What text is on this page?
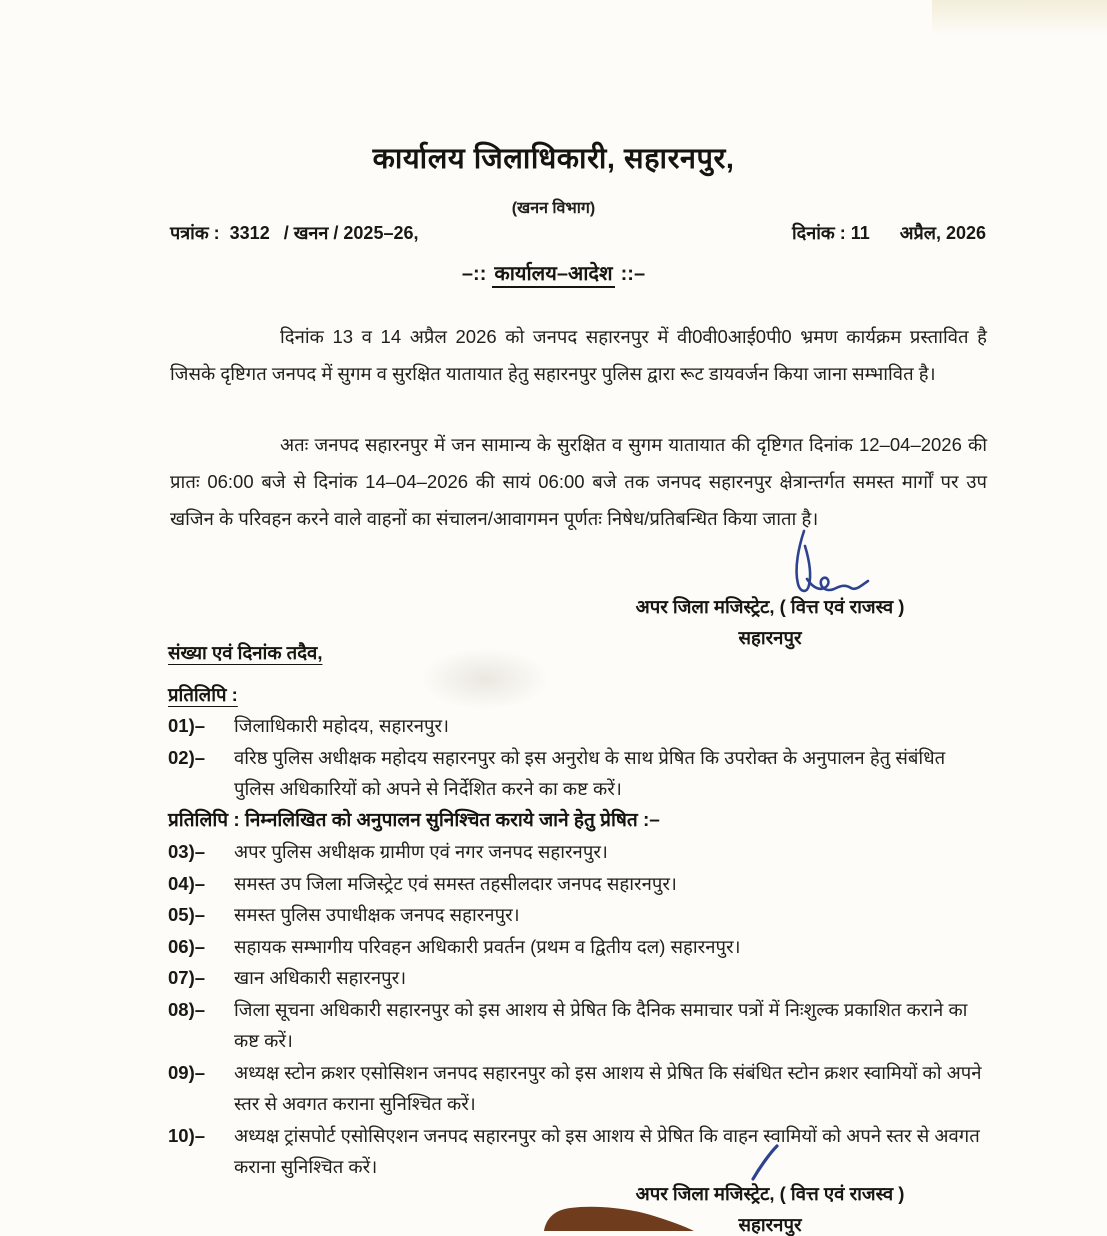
कार्यालय जिलाधिकारी, सहारनपुर,
(खनन विभाग)
पत्रांक : 3312 / खनन / 2025–26,	दिनांक : 11 अप्रैल, 2026
–:: कार्यालय–आदेश ::–

दिनांक 13 व 14 अप्रैल 2026 को जनपद सहारनपुर में वी0वी0आई0पी0 भ्रमण कार्यक्रम प्रस्तावित है जिसके दृष्टिगत जनपद में सुगम व सुरक्षित यातायात हेतु सहारनपुर पुलिस द्वारा रूट डायवर्जन किया जाना सम्भावित है।

अतः जनपद सहारनपुर में जन सामान्य के सुरक्षित व सुगम यातायात की दृष्टिगत दिनांक 12–04–2026 की प्रातः 06:00 बजे से दिनांक 14–04–2026 की सायं 06:00 बजे तक जनपद सहारनपुर क्षेत्रान्तर्गत समस्त मार्गों पर उप खजिन के परिवहन करने वाले वाहनों का संचालन/आवागमन पूर्णतः निषेध/प्रतिबन्धित किया जाता है।

अपर जिला मजिस्ट्रेट, ( वित्त एवं राजस्व )
सहारनपुर
संख्या एवं दिनांक तदैव,
प्रतिलिपि :
01)–	जिलाधिकारी महोदय, सहारनपुर।
02)–	वरिष्ठ पुलिस अधीक्षक महोदय सहारनपुर को इस अनुरोध के साथ प्रेषित कि उपरोक्त के अनुपालन हेतु संबंधित पुलिस अधिकारियों को अपने से निर्देशित करने का कष्ट करें।
प्रतिलिपि : निम्नलिखित को अनुपालन सुनिश्चित कराये जाने हेतु प्रेषित :–
03)–	अपर पुलिस अधीक्षक ग्रामीण एवं नगर जनपद सहारनपुर।
04)–	समस्त उप जिला मजिस्ट्रेट एवं समस्त तहसीलदार जनपद सहारनपुर।
05)–	समस्त पुलिस उपाधीक्षक जनपद सहारनपुर।
06)–	सहायक सम्भागीय परिवहन अधिकारी प्रवर्तन (प्रथम व द्वितीय दल) सहारनपुर।
07)–	खान अधिकारी सहारनपुर।
08)–	जिला सूचना अधिकारी सहारनपुर को इस आशय से प्रेषित कि दैनिक समाचार पत्रों में निःशुल्क प्रकाशित कराने का कष्ट करें।
09)–	अध्यक्ष स्टोन क्रशर एसोसिशन जनपद सहारनपुर को इस आशय से प्रेषित कि संबंधित स्टोन क्रशर स्वामियों को अपने स्तर से अवगत कराना सुनिश्चित करें।
10)–	अध्यक्ष ट्रांसपोर्ट एसोसिएशन जनपद सहारनपुर को इस आशय से प्रेषित कि वाहन स्वामियों को अपने स्तर से अवगत कराना सुनिश्चित करें।
अपर जिला मजिस्ट्रेट, ( वित्त एवं राजस्व )
सहारनपुर
